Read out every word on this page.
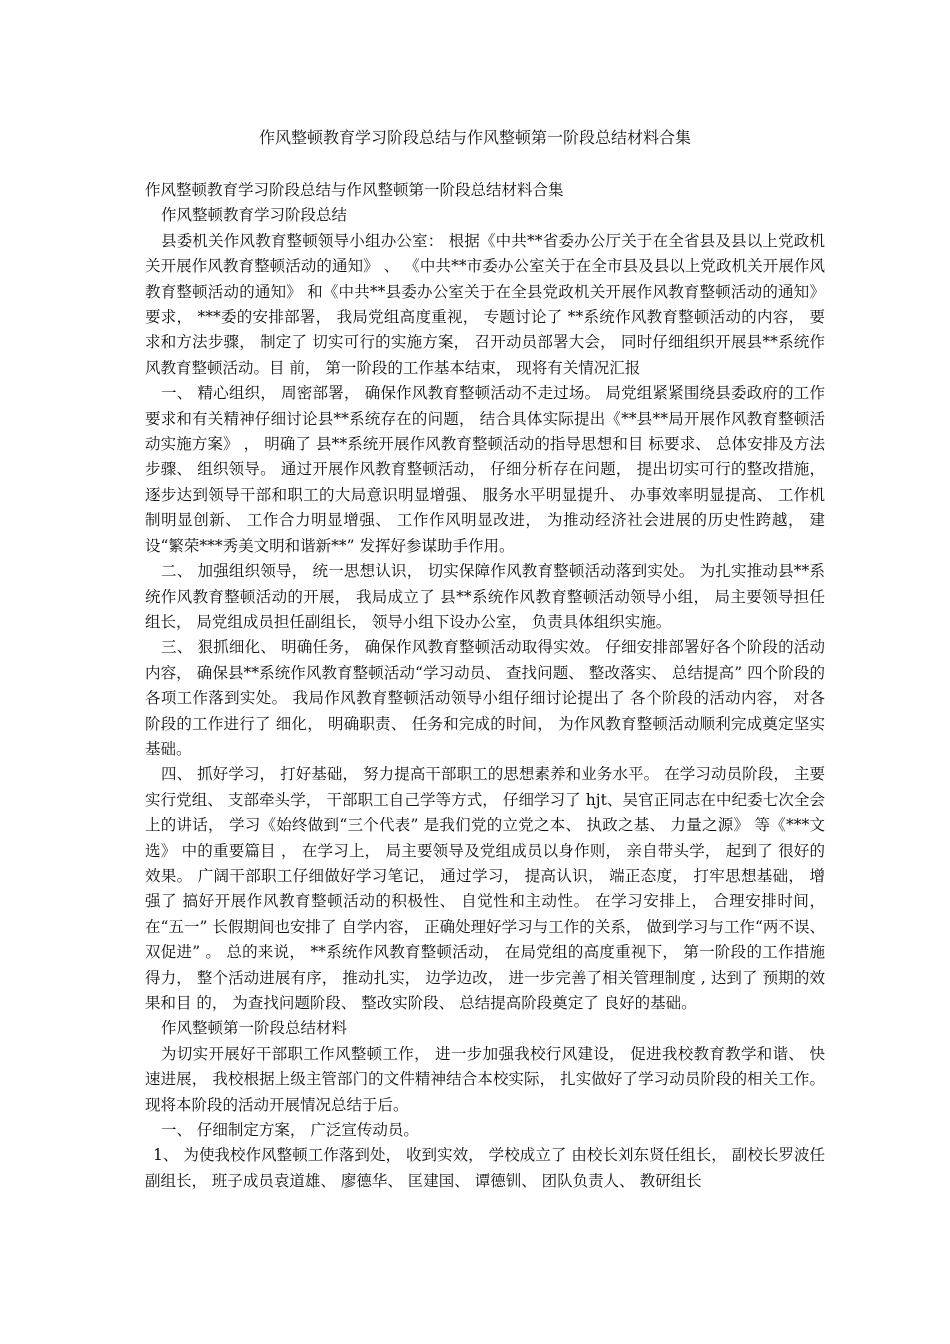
作风整顿教育学习阶段总结与作风整顿第一阶段总结材料合集

作风整顿教育学习阶段总结与作风整顿第一阶段总结材料合集

作风整顿教育学习阶段总结

县委机关作风教育整顿领导小组办公室： 根据《中共**省委办公厅关于在全省县及县以上党政机关开展作风教育整顿活动的通知》 、 《中共**市委办公室关于在全市县及县以上党政机关开展作风教育整顿活动的通知》 和《中共**县委办公室关于在全县党政机关开展作风教育整顿活动的通知》 要求， ***委的安排部署， 我局党组高度重视， 专题讨论了 **系统作风教育整顿活动的内容， 要求和方法步骤， 制定了 切实可行的实施方案， 召开动员部署大会， 同时仔细组织开展县**系统作风教育整顿活动。目 前， 第一阶段的工作基本结束， 现将有关情况汇报

一、 精心组织， 周密部署， 确保作风教育整顿活动不走过场。 局党组紧紧围绕县委政府的工作要求和有关精神仔细讨论县**系统存在的问题， 结合具体实际提出《**县**局开展作风教育整顿活动实施方案》 ， 明确了 县**系统开展作风教育整顿活动的指导思想和目 标要求、 总体安排及方法步骤、 组织领导。 通过开展作风教育整顿活动， 仔细分析存在问题， 提出切实可行的整改措施， 逐步达到领导干部和职工的大局意识明显增强、 服务水平明显提升、 办事效率明显提高、 工作机制明显创新、 工作合力明显增强、 工作作风明显改进， 为推动经济社会进展的历史性跨越， 建设“繁荣***秀美文明和谐新**” 发挥好参谋助手作用。

二、 加强组织领导， 统一思想认识， 切实保障作风教育整顿活动落到实处。 为扎实推动县**系统作风教育整顿活动的开展， 我局成立了 县**系统作风教育整顿活动领导小组， 局主要领导担任组长， 局党组成员担任副组长， 领导小组下设办公室， 负责具体组织实施。

三、 狠抓细化、 明确任务， 确保作风教育整顿活动取得实效。 仔细安排部署好各个阶段的活动内容， 确保县**系统作风教育整顿活动“学习动员、 查找问题、 整改落实、 总结提高” 四个阶段的各项工作落到实处。 我局作风教育整顿活动领导小组仔细讨论提出了 各个阶段的活动内容， 对各阶段的工作进行了 细化， 明确职责、 任务和完成的时间， 为作风教育整顿活动顺利完成奠定坚实基础。

四、 抓好学习， 打好基础， 努力提高干部职工的思想素养和业务水平。 在学习动员阶段， 主要实行党组、 支部牵头学， 干部职工自己学等方式， 仔细学习了 hjt、吴官正同志在中纪委七次全会上的讲话， 学习《始终做到“三个代表” 是我们党的立党之本、 执政之基、 力量之源》 等《***文选》 中的重要篇目 ， 在学习上， 局主要领导及党组成员以身作则， 亲自带头学， 起到了 很好的效果。 广阔干部职工仔细做好学习笔记， 通过学习， 提高认识， 端正态度， 打牢思想基础， 增强了 搞好开展作风教育整顿活动的积极性、 自觉性和主动性。 在学习安排上， 合理安排时间， 在“五一” 长假期间也安排了 自学内容， 正确处理好学习与工作的关系， 做到学习与工作“两不误、 双促进” 。 总的来说， **系统作风教育整顿活动， 在局党组的高度重视下， 第一阶段的工作措施得力， 整个活动进展有序， 推动扎实， 边学边改， 进一步完善了相关管理制度 , 达到了 预期的效果和目 的， 为查找问题阶段、 整改实阶段、 总结提高阶段奠定了 良好的基础。

作风整顿第一阶段总结材料

为切实开展好干部职工作风整顿工作， 进一步加强我校行风建设， 促进我校教育教学和谐、 快速进展， 我校根据上级主管部门的文件精神结合本校实际， 扎实做好了学习动员阶段的相关工作。 现将本阶段的活动开展情况总结于后。

一、 仔细制定方案， 广泛宣传动员。

1、 为使我校作风整顿工作落到处， 收到实效， 学校成立了 由校长刘东贤任组长， 副校长罗波任副组长， 班子成员袁道雄、 廖德华、 匡建国、 谭德钏、 团队负责人、 教研组长
